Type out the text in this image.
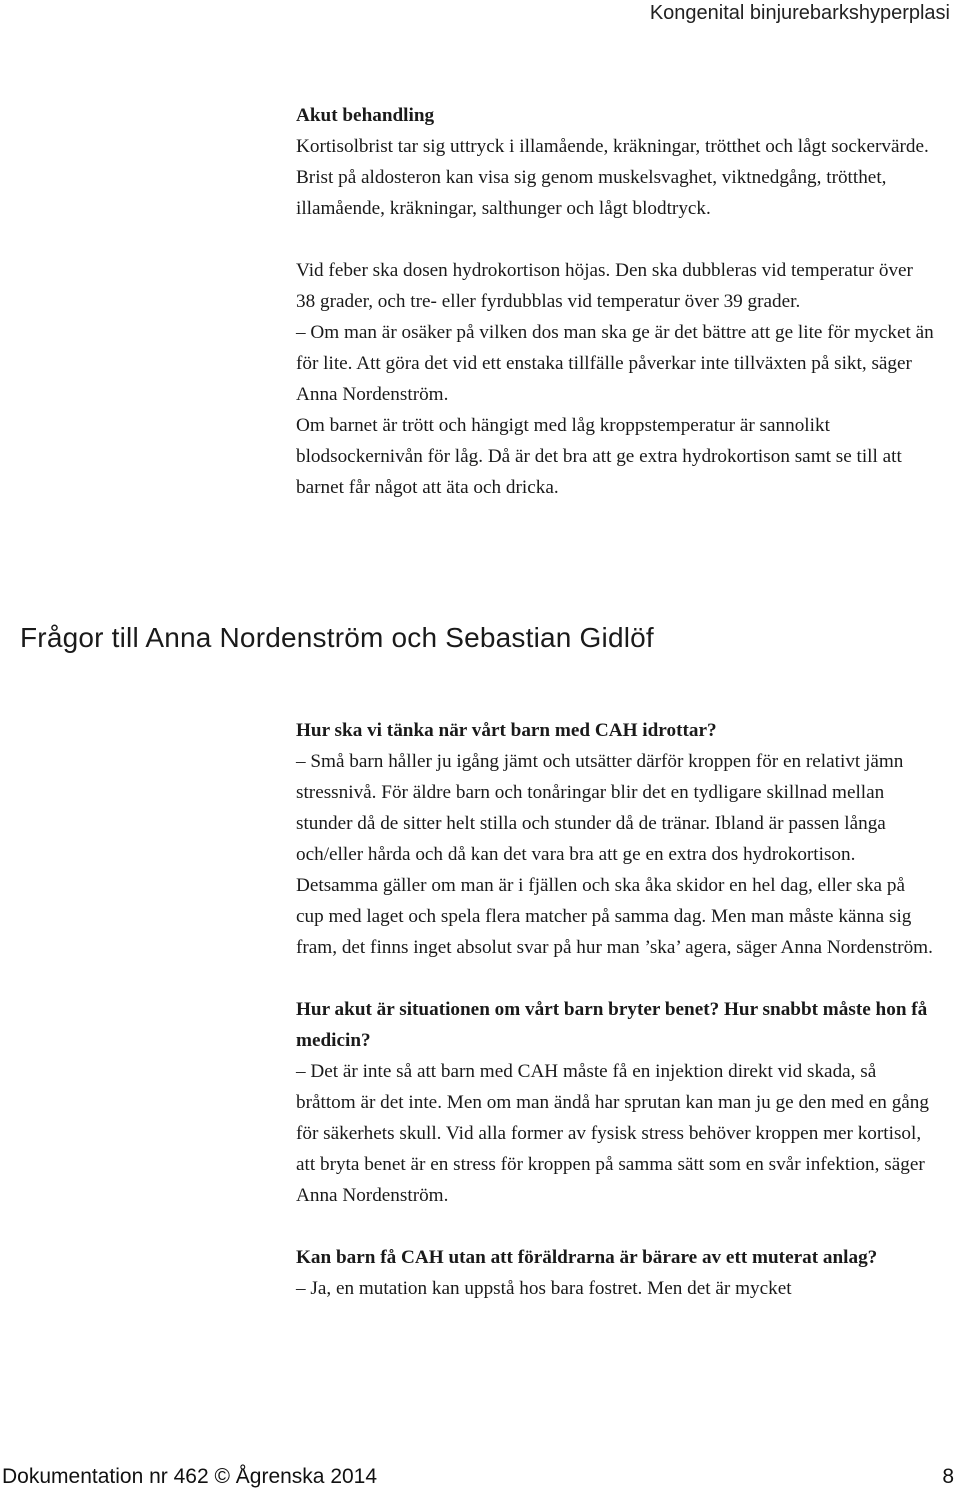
Kongenital binjurebarkshyperplasi

Akut behandling

Kortisolbrist tar sig uttryck i illamående, kräkningar, trötthet och lågt sockervärde. Brist på aldosteron kan visa sig genom muskelsvaghet, viktnedgång, trötthet, illamående, kräkningar, salthunger och lågt blodtryck.

Vid feber ska dosen hydrokortison höjas. Den ska dubbleras vid temperatur över 38 grader, och tre- eller fyrdubblas vid temperatur över 39 grader.

– Om man är osäker på vilken dos man ska ge är det bättre att ge lite för mycket än för lite. Att göra det vid ett enstaka tillfälle påverkar inte tillväxten på sikt, säger Anna Nordenström.

Om barnet är trött och hängigt med låg kroppstemperatur är sannolikt blodsockernivån för låg. Då är det bra att ge extra hydrokortison samt se till att barnet får något att äta och dricka.

Frågor till Anna Nordenström och Sebastian Gidlöf

Hur ska vi tänka när vårt barn med CAH idrottar?

– Små barn håller ju igång jämt och utsätter därför kroppen för en relativt jämn stressnivå. För äldre barn och tonåringar blir det en tydligare skillnad mellan stunder då de sitter helt stilla och stunder då de tränar. Ibland är passen långa och/eller hårda och då kan det vara bra att ge en extra dos hydrokortison. Detsamma gäller om man är i fjällen och ska åka skidor en hel dag, eller ska på cup med laget och spela flera matcher på samma dag. Men man måste känna sig fram, det finns inget absolut svar på hur man ’ska’ agera, säger Anna Nordenström.

Hur akut är situationen om vårt barn bryter benet? Hur snabbt måste hon få medicin?

– Det är inte så att barn med CAH måste få en injektion direkt vid skada, så bråttom är det inte. Men om man ändå har sprutan kan man ju ge den med en gång för säkerhets skull. Vid alla former av fysisk stress behöver kroppen mer kortisol, att bryta benet är en stress för kroppen på samma sätt som en svår infektion, säger Anna Nordenström.

Kan barn få CAH utan att föräldrarna är bärare av ett muterat anlag?

– Ja, en mutation kan uppstå hos bara fostret. Men det är mycket

Dokumentation nr 462 © Ågrenska 2014	8
